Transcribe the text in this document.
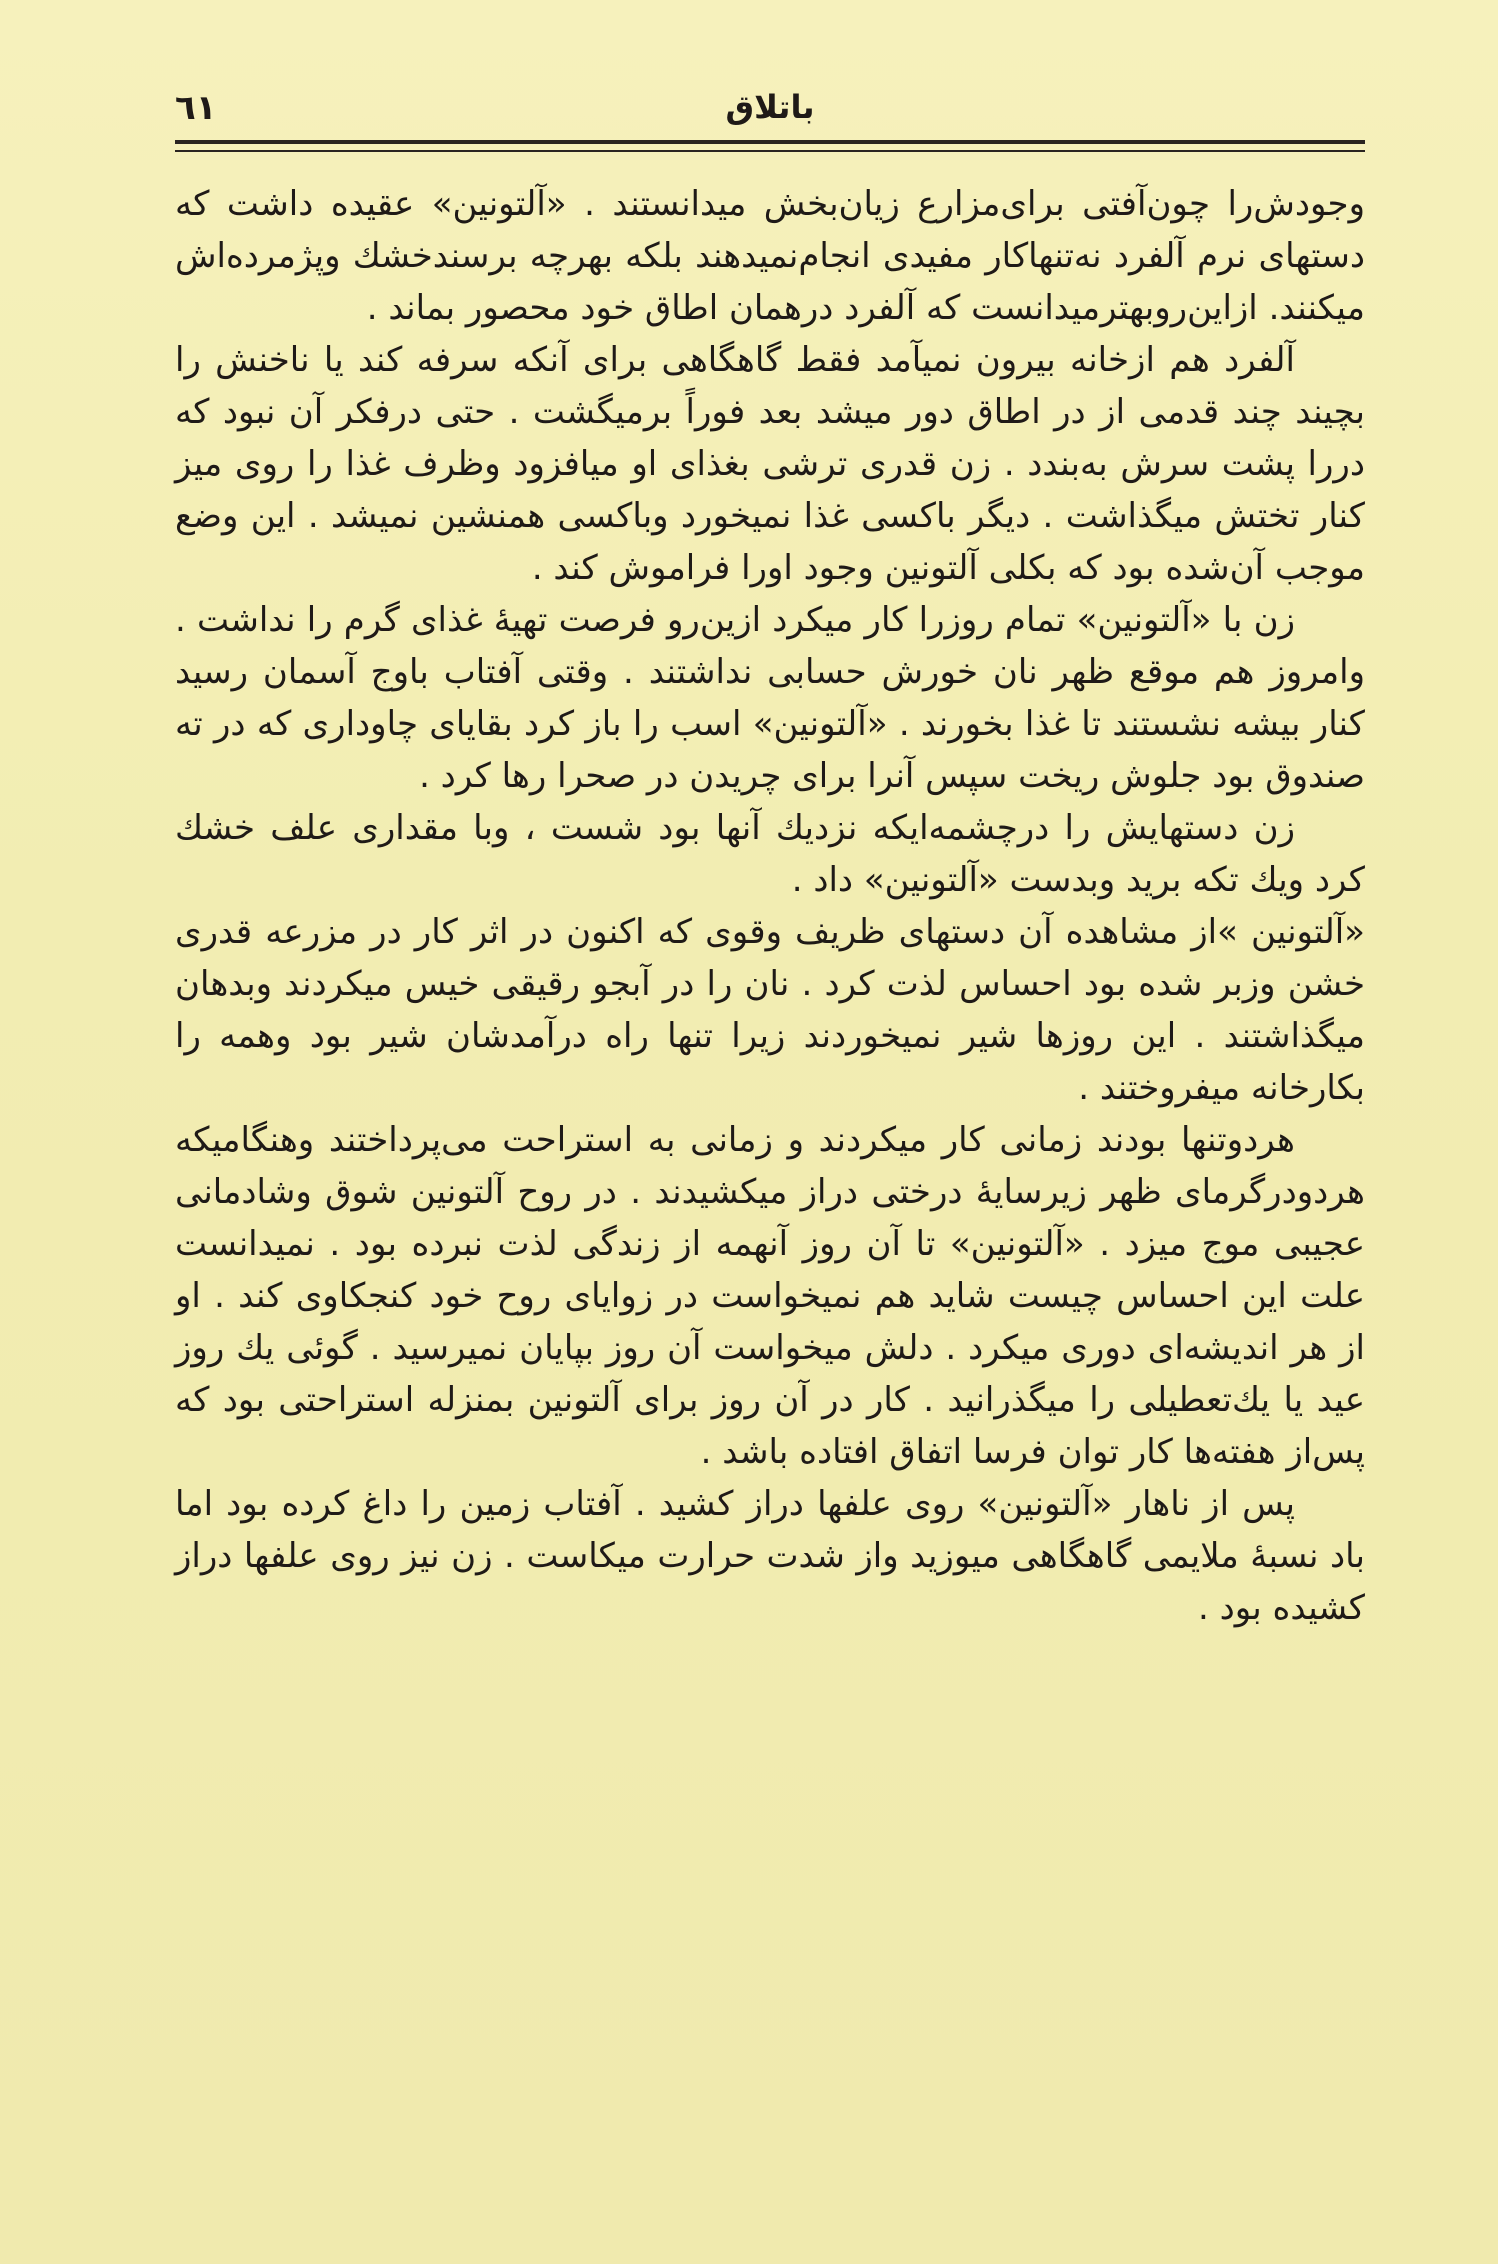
٦١	باتلاق

وجودش‌را چون‌آفتی برای‌مزارع زیان‌بخش میدانستند . «آلتونین» عقیده داشت که دستهای نرم آلفرد نه‌تنهاکار مفیدی انجام‌نمیدهند بلکه بهرچه برسندخشك وپژمرده‌اش میکنند. ازاین‌روبهترمیدانست که آلفرد درهمان اطاق خود محصور بماند .

آلفرد هم ازخانه بیرون نمیآمد فقط گاهگاهی برای آنکه سرفه کند یا ناخنش را بچیند چند قدمی از در اطاق دور میشد بعد فوراً برمیگشت . حتی درفکر آن نبود که دررا پشت سرش به‌بندد . زن قدری ترشی بغذای او میافزود وظرف غذا را روی میز کنار تختش میگذاشت . دیگر باکسی غذا نمیخورد وباکسی همنشین نمیشد . این وضع موجب آن‌شده بود که بکلی آلتونین وجود اورا فراموش کند .

زن با «آلتونین» تمام روزرا کار میکرد ازین‌رو فرصت تهیهٔ غذای گرم را نداشت . وامروز هم موقع ظهر نان خورش حسابی نداشتند . وقتی آفتاب باوج آسمان رسید کنار بیشه نشستند تا غذا بخورند . «آلتونین» اسب را باز کرد بقایای چاوداری که در ته صندوق بود جلوش ریخت سپس آنرا برای چریدن در صحرا رها کرد .

زن دستهایش را درچشمه‌ایکه نزدیك آنها بود شست ، وبا مقداری علف خشك کرد ویك تکه برید وبدست «آلتونین» داد .

«آلتونین »از مشاهده آن دستهای ظریف وقوی که اکنون در اثر کار در مزرعه قدری خشن وزبر شده بود احساس لذت کرد . نان را در آبجو رقیقی خیس میکردند وبدهان میگذاشتند . این روزها شیر نمیخوردند زیرا تنها راه درآمدشان شیر بود وهمه را بکارخانه میفروختند .

هردوتنها بودند زمانی کار میکردند و زمانی به استراحت می‌پرداختند وهنگامیکه هردودرگرمای ظهر زیرسایهٔ درختی دراز میکشیدند . در روح آلتونین شوق وشادمانی عجیبی موج میزد . «آلتونین» تا آن روز آنهمه از زندگی لذت نبرده بود . نمیدانست علت این احساس چیست شاید هم نمیخواست در زوایای روح خود کنجکاوی کند . او از هر اندیشه‌ای دوری میکرد . دلش میخواست آن روز بپایان نمیرسید . گوئی یك روز عید یا یك‌تعطیلی را میگذرانید . کار در آن روز برای آلتونین بمنزله استراحتی بود که پس‌از هفته‌ها کار توان فرسا اتفاق افتاده باشد .

پس از ناهار «آلتونین» روی علفها دراز کشید . آفتاب زمین را داغ کرده بود اما باد نسبهٔ ملایمی گاهگاهی میوزید واز شدت حرارت میکاست . زن نیز روی علفها دراز کشیده بود .
